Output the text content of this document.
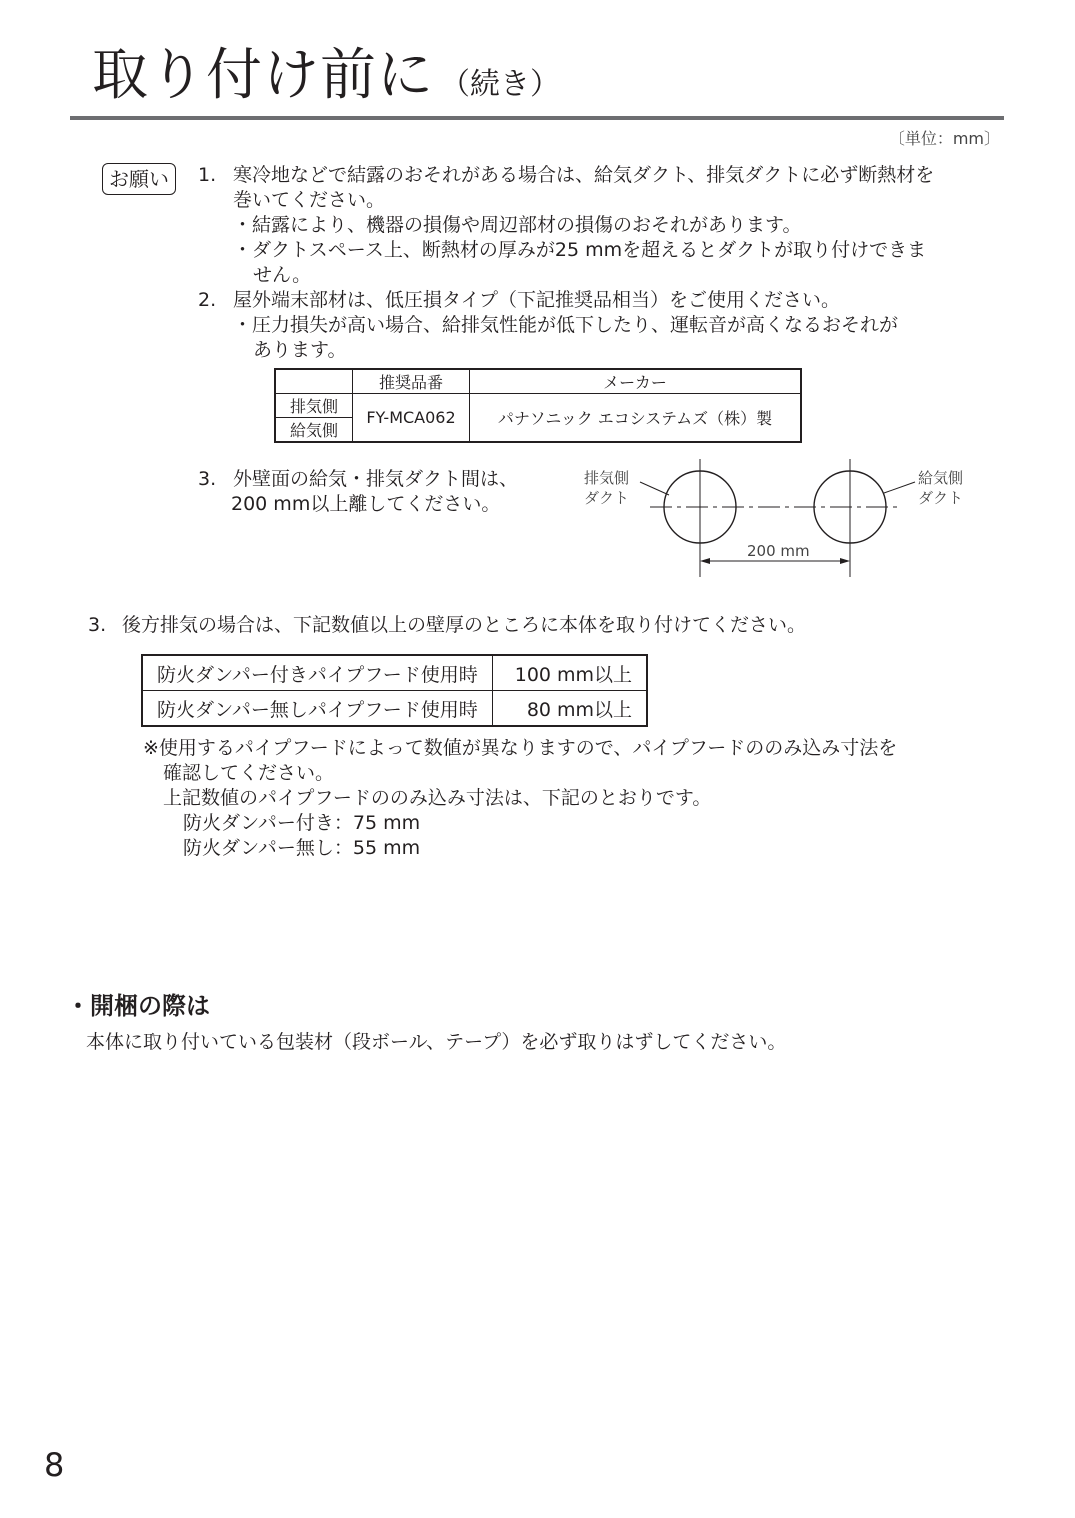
取り付け前に （続き）
〔単位：mm〕
お願い	1. 寒冷地などで結露のおそれがある場合は、給気ダクト、排気ダクトに必ず断熱材を
巻いてください。
・結露により、機器の損傷や周辺部材の損傷のおそれがあります。
・ダクトスペース上、断熱材の厚みが25 mmを超えるとダクトが取り付けできま
せん。
2. 屋外端末部材は、低圧損タイプ（下記推奨品相当）をご使用ください。
・圧力損失が高い場合、給排気性能が低下したり、運転音が高くなるおそれが
あります。
	推奨品番	メーカー
排気側	FY-MCA062	パナソニック エコシステムズ（株）製
給気側		
3. 外壁面の給気・排気ダクト間は、
200 mm以上離してください。
排気側
ダクト
給気側
ダクト
200 mm
3. 後方排気の場合は、下記数値以上の壁厚のところに本体を取り付けてください。
防火ダンパー付きパイプフード使用時	100 mm以上
防火ダンパー無しパイプフード使用時	80 mm以上
※使用するパイプフードによって数値が異なりますので、パイプフードののみ込み寸法を
確認してください。
上記数値のパイプフードののみ込み寸法は、下記のとおりです。
防火ダンパー付き：75 mm
防火ダンパー無し：55 mm
・開梱の際は
本体に取り付いている包装材（段ボール、テープ）を必ず取りはずしてください。
8
